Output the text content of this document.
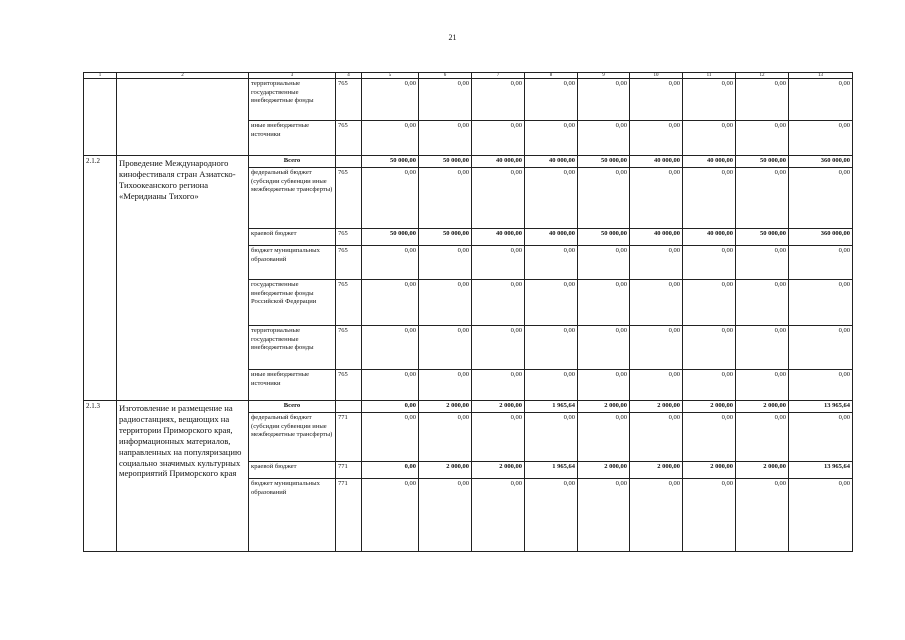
21
1	2	3	4	5	6	7	8	9	10	11	12	13
		территориальные государственные внебюджетные фонды	765	0,00	0,00	0,00	0,00	0,00	0,00	0,00	0,00	0,00
		иные внебюджетные источники	765	0,00	0,00	0,00	0,00	0,00	0,00	0,00	0,00	0,00
2.1.2	Проведение Международного кинофестиваля стран Азиатско- Тихоокеанского региона «Меридианы Тихого»	Всего		50 000,00	50 000,00	40 000,00	40 000,00	50 000,00	40 000,00	40 000,00	50 000,00	360 000,00
		федеральный бюджет (субсидии субвенции иные межбюджетные трансферты)	765	0,00	0,00	0,00	0,00	0,00	0,00	0,00	0,00	0,00
		краевой бюджет	765	50 000,00	50 000,00	40 000,00	40 000,00	50 000,00	40 000,00	40 000,00	50 000,00	360 000,00
		бюджет муниципальных образований	765	0,00	0,00	0,00	0,00	0,00	0,00	0,00	0,00	0,00
		государственные внебюджетные фонды Российской Федерации	765	0,00	0,00	0,00	0,00	0,00	0,00	0,00	0,00	0,00
		территориальные государственные внебюджетные фонды	765	0,00	0,00	0,00	0,00	0,00	0,00	0,00	0,00	0,00
		иные внебюджетные источники	765	0,00	0,00	0,00	0,00	0,00	0,00	0,00	0,00	0,00
2.1.3	Изготовление и размещение на радиостанциях, вещающих на территории Приморского края, информационных материалов, направленных на популяризацию социально значимых культурных мероприятий Приморского края	Всего		0,00	2 000,00	2 000,00	1 965,64	2 000,00	2 000,00	2 000,00	2 000,00	13 965,64
		федеральный бюджет (субсидии субвенции иные межбюджетные трансферты)	771	0,00	0,00	0,00	0,00	0,00	0,00	0,00	0,00	0,00
		краевой бюджет	771	0,00	2 000,00	2 000,00	1 965,64	2 000,00	2 000,00	2 000,00	2 000,00	13 965,64
		бюджет муниципальных образований	771	0,00	0,00	0,00	0,00	0,00	0,00	0,00	0,00	0,00
